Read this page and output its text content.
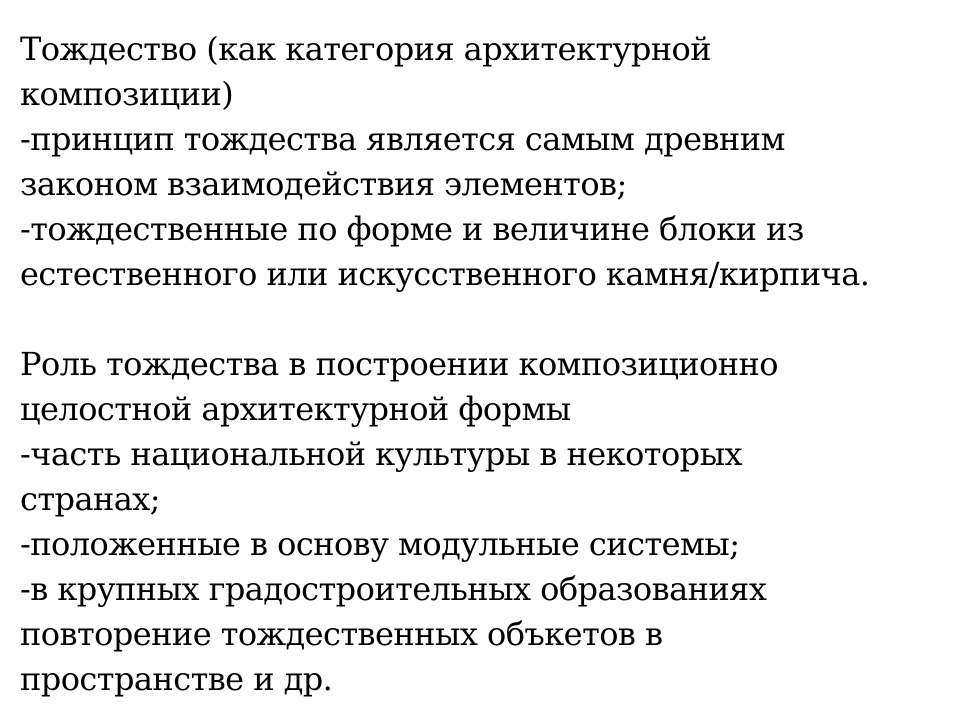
Тождество (как категория архитектурной
композиции)
-принцип тождества является самым древним
законом взаимодействия элементов;
-тождественные по форме и величине блоки из
естественного или искусственного камня/кирпича.
Роль тождества в построении композиционно
целостной архитектурной формы
-часть национальной культуры в некоторых
странах;
-положенные в основу модульные системы;
-в крупных градостроительных образованиях
повторение тождественных объкетов в
пространстве и др.
